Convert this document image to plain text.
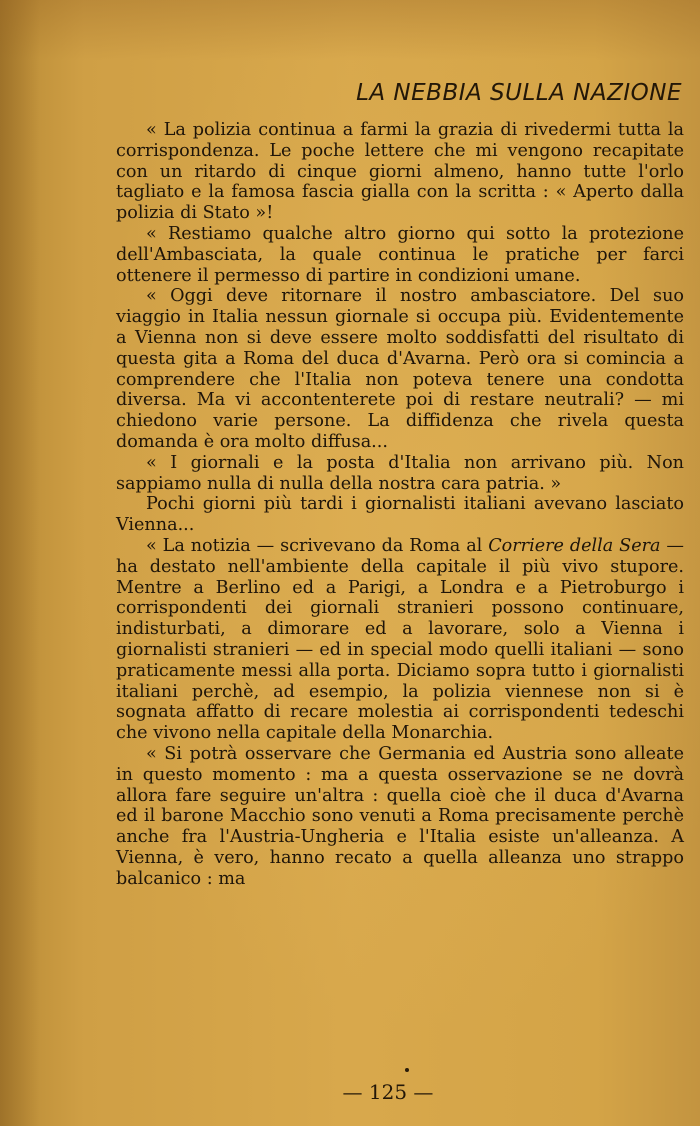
LA NEBBIA SULLA NAZIONE

« La polizia continua a farmi la grazia di rivedermi tutta la corrispondenza. Le poche lettere che mi vengono recapitate con un ritardo di cinque giorni almeno, hanno tutte l'orlo tagliato e la famosa fascia gialla con la scritta : « Aperto dalla polizia di Stato »!

« Restiamo qualche altro giorno qui sotto la protezione dell'Ambasciata, la quale continua le pratiche per farci ottenere il permesso di partire in condizioni umane.

« Oggi deve ritornare il nostro ambasciatore. Del suo viaggio in Italia nessun giornale si occupa più. Evidentemente a Vienna non si deve essere molto soddisfatti del risultato di questa gita a Roma del duca d'Avarna. Però ora si comincia a comprendere che l'Italia non poteva tenere una condotta diversa. Ma vi accontenterete poi di restare neutrali? — mi chiedono varie persone. La diffidenza che rivela questa domanda è ora molto diffusa...

« I giornali e la posta d'Italia non arrivano più. Non sappiamo nulla di nulla della nostra cara patria. »

Pochi giorni più tardi i giornalisti italiani avevano lasciato Vienna...

« La notizia — scrivevano da Roma al Corriere della Sera — ha destato nell'ambiente della capitale il più vivo stupore. Mentre a Berlino ed a Parigi, a Londra e a Pietroburgo i corrispondenti dei giornali stranieri possono continuare, indisturbati, a dimorare ed a lavorare, solo a Vienna i giornalisti stranieri — ed in special modo quelli italiani — sono praticamente messi alla porta. Diciamo sopra tutto i giornalisti italiani perchè, ad esempio, la polizia viennese non si è sognata affatto di recare molestia ai corrispondenti tedeschi che vivono nella capitale della Monarchia.

« Si potrà osservare che Germania ed Austria sono alleate in questo momento : ma a questa osservazione se ne dovrà allora fare seguire un'altra : quella cioè che il duca d'Avarna ed il barone Macchio sono venuti a Roma precisamente perchè anche fra l'Austria-Ungheria e l'Italia esiste un'alleanza. A Vienna, è vero, hanno recato a quella alleanza uno strappo balcanico : ma

— 125 —
